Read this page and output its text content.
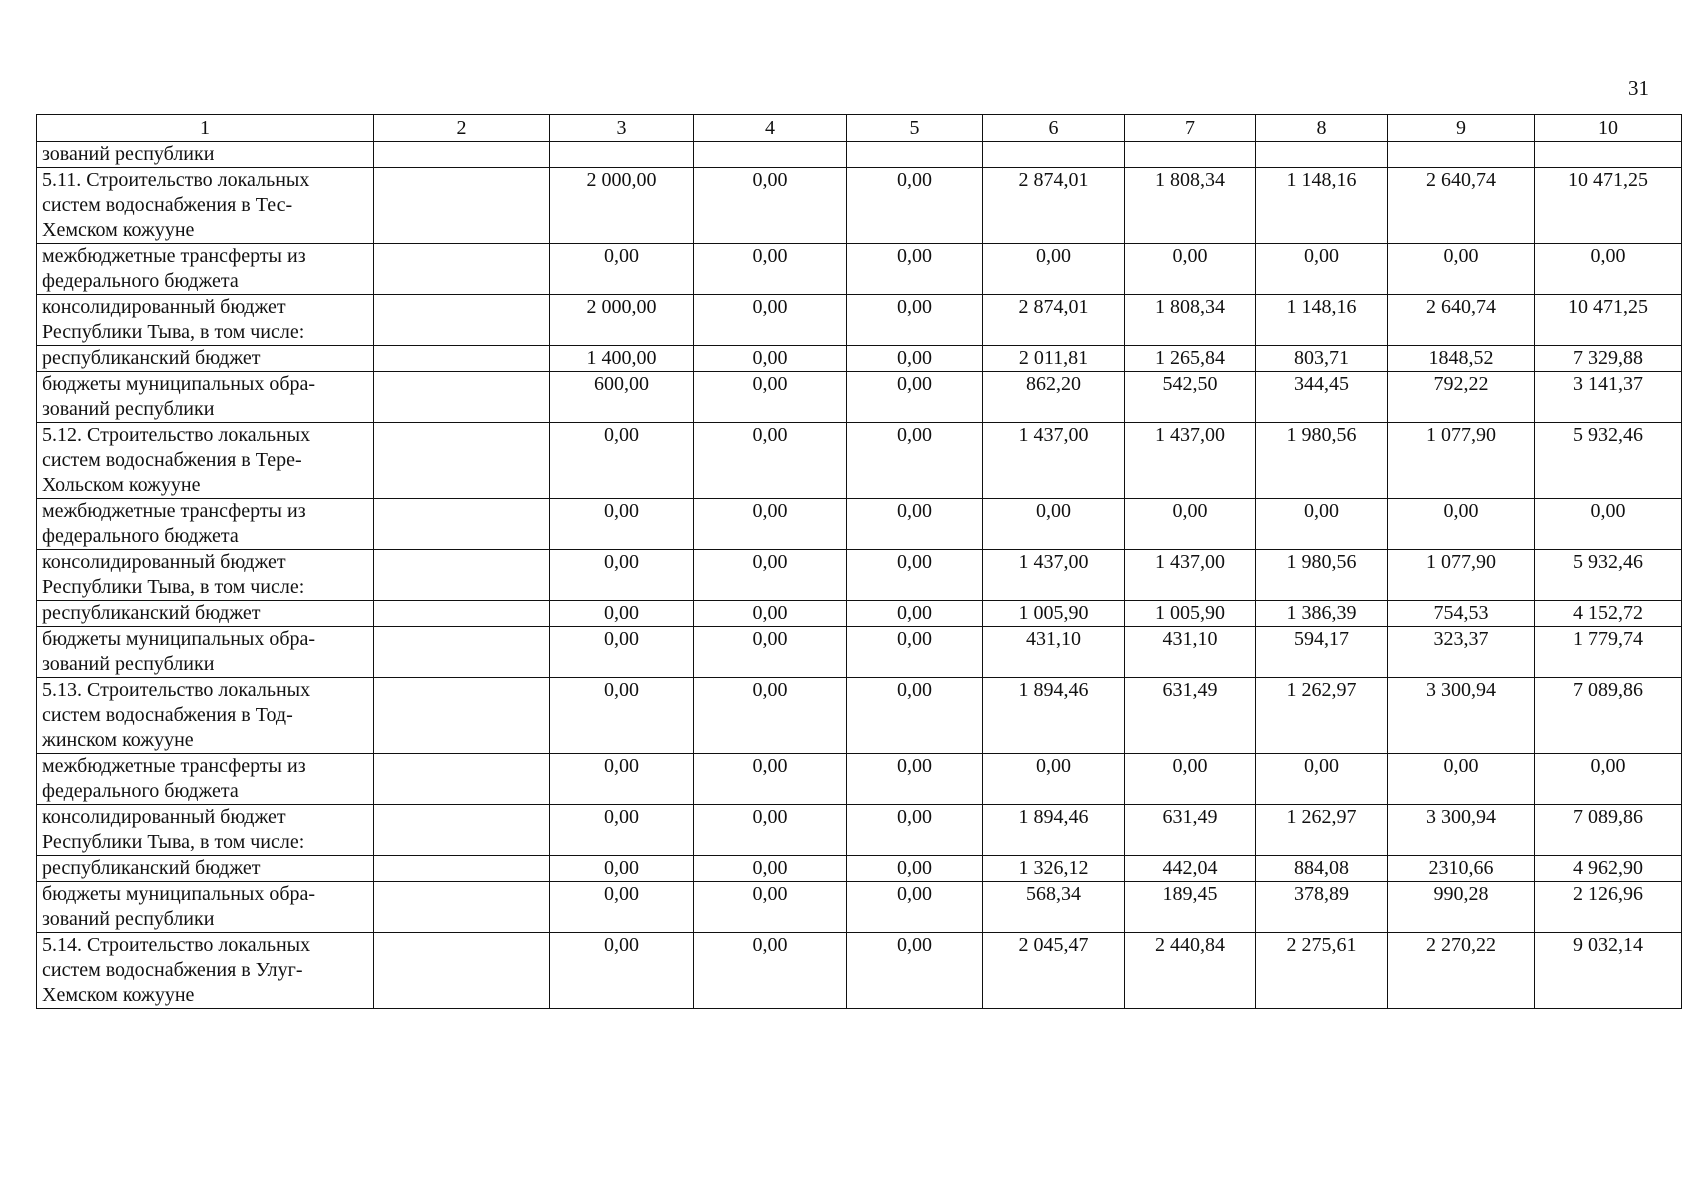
31
1	2	3	4	5	6	7	8	9	10
зований республики									
5.11. Строительство локальных
систем водоснабжения в Тес-
Хемском кожууне		2 000,00	0,00	0,00	2 874,01	1 808,34	1 148,16	2 640,74	10 471,25
межбюджетные трансферты из
федерального бюджета		0,00	0,00	0,00	0,00	0,00	0,00	0,00	0,00
консолидированный бюджет
Республики Тыва, в том числе:		2 000,00	0,00	0,00	2 874,01	1 808,34	1 148,16	2 640,74	10 471,25
республиканский бюджет		1 400,00	0,00	0,00	2 011,81	1 265,84	803,71	1848,52	7 329,88
бюджеты муниципальных обра-
зований республики		600,00	0,00	0,00	862,20	542,50	344,45	792,22	3 141,37
5.12. Строительство локальных
систем водоснабжения в Тере-
Хольском кожууне		0,00	0,00	0,00	1 437,00	1 437,00	1 980,56	1 077,90	5 932,46
межбюджетные трансферты из
федерального бюджета		0,00	0,00	0,00	0,00	0,00	0,00	0,00	0,00
консолидированный бюджет
Республики Тыва, в том числе:		0,00	0,00	0,00	1 437,00	1 437,00	1 980,56	1 077,90	5 932,46
республиканский бюджет		0,00	0,00	0,00	1 005,90	1 005,90	1 386,39	754,53	4 152,72
бюджеты муниципальных обра-
зований республики		0,00	0,00	0,00	431,10	431,10	594,17	323,37	1 779,74
5.13. Строительство локальных
систем водоснабжения в Тод-
жинском кожууне		0,00	0,00	0,00	1 894,46	631,49	1 262,97	3 300,94	7 089,86
межбюджетные трансферты из
федерального бюджета		0,00	0,00	0,00	0,00	0,00	0,00	0,00	0,00
консолидированный бюджет
Республики Тыва, в том числе:		0,00	0,00	0,00	1 894,46	631,49	1 262,97	3 300,94	7 089,86
республиканский бюджет		0,00	0,00	0,00	1 326,12	442,04	884,08	2310,66	4 962,90
бюджеты муниципальных обра-
зований республики		0,00	0,00	0,00	568,34	189,45	378,89	990,28	2 126,96
5.14. Строительство локальных
систем водоснабжения в Улуг-
Хемском кожууне		0,00	0,00	0,00	2 045,47	2 440,84	2 275,61	2 270,22	9 032,14
